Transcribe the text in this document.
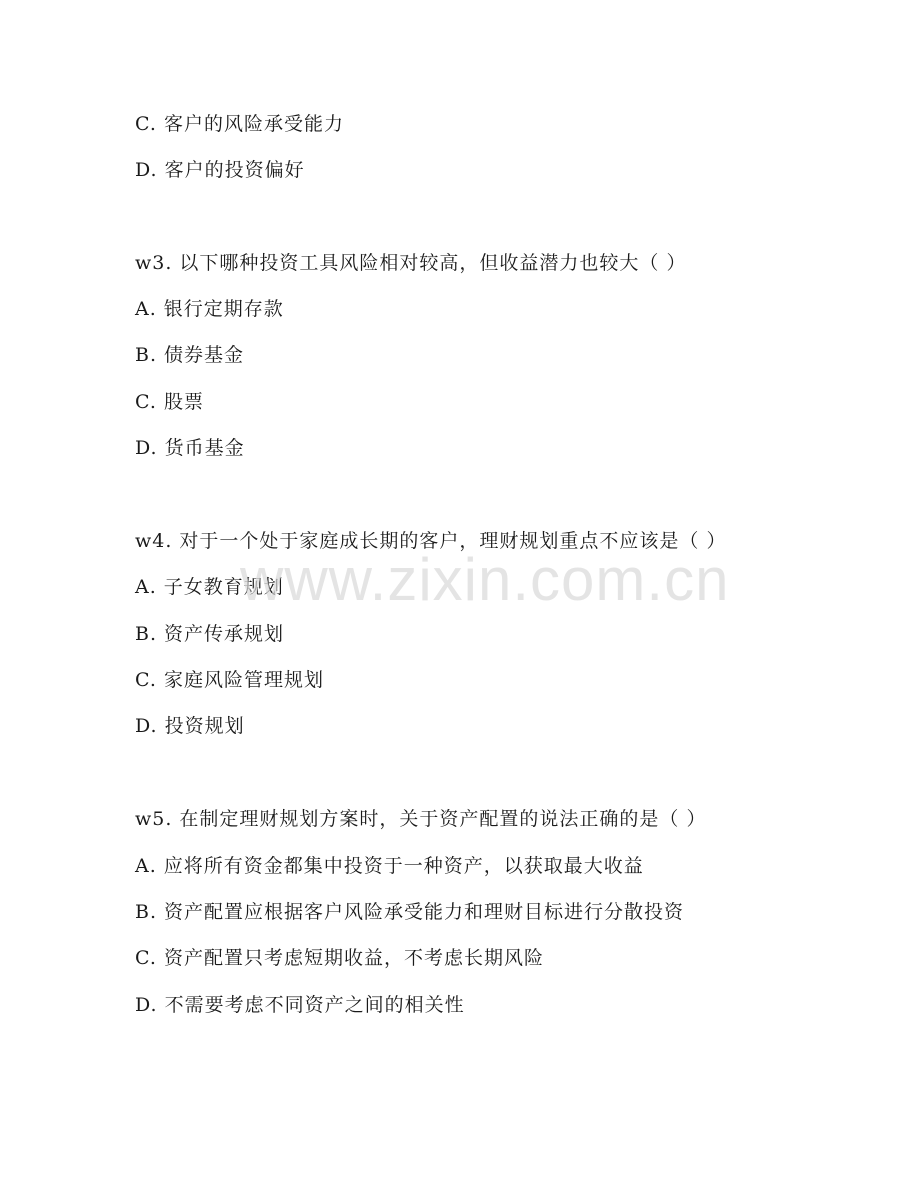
C. 客户的风险承受能力
D. 客户的投资偏好
w3. 以下哪种投资工具风险相对较高，但收益潜力也较大（ ）
A. 银行定期存款
B. 债券基金
C. 股票
D. 货币基金
w4. 对于一个处于家庭成长期的客户，理财规划重点不应该是（ ）
A. 子女教育规划
B. 资产传承规划
C. 家庭风险管理规划
D. 投资规划
w5. 在制定理财规划方案时，关于资产配置的说法正确的是（ ）
A. 应将所有资金都集中投资于一种资产，以获取最大收益
B. 资产配置应根据客户风险承受能力和理财目标进行分散投资
C. 资产配置只考虑短期收益，不考虑长期风险
D. 不需要考虑不同资产之间的相关性
www.zixin.com.cn
